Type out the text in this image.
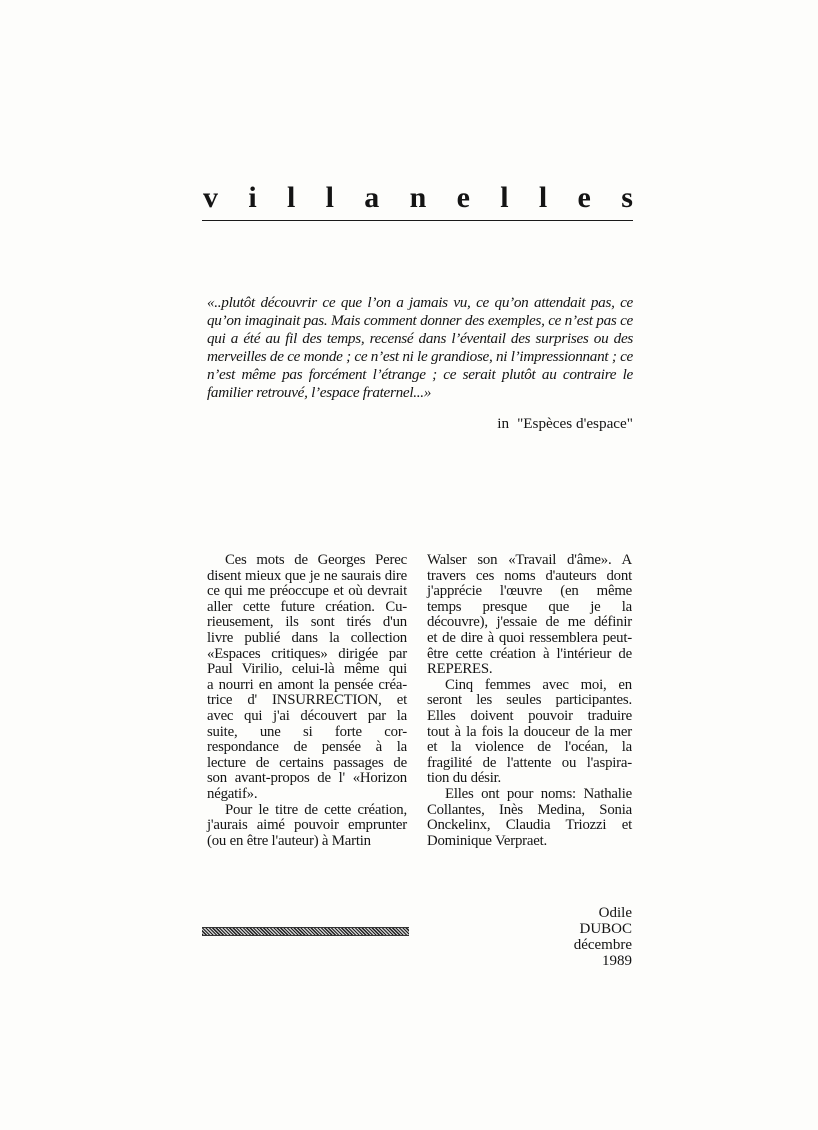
v i l l a n e l l e s

«..plutôt découvrir ce que l’on a jamais vu, ce qu’on attendait pas, ce qu’on imaginait pas. Mais comment donner des exemples, ce n’est pas ce qui a été au fil des temps, recensé dans l’éventail des surprises ou des merveilles de ce monde ; ce n’est ni le grandiose, ni l’impressionnant ; ce n’est même pas forcément l’étrange ; ce serait plutôt au contraire le familier retrouvé, l’espace fraternel...»

in "Espèces d'espace"

Ces mots de Georges Perec
disent mieux que je ne saurais dire
ce qui me préoccupe et où devrait
aller cette future création. Cu-
rieusement, ils sont tirés d'un
livre publié dans la collection
«Espaces critiques» dirigée par
Paul Virilio, celui-là même qui
a nourri en amont la pensée créa-
trice d' INSURRECTION, et
avec qui j'ai découvert par la
suite, une si forte cor-
respondance de pensée à la
lecture de certains passages de
son avant-propos de l' «Horizon
négatif».

Pour le titre de cette création,
j'aurais aimé pouvoir emprunter
(ou en être l'auteur) à Martin

Walser son «Travail d'âme». A
travers ces noms d'auteurs dont
j'apprécie l'œuvre (en même
temps presque que je la
découvre), j'essaie de me définir
et de dire à quoi ressemblera peut-
être cette création à l'intérieur de
REPERES.

Cinq femmes avec moi, en
seront les seules participantes.
Elles doivent pouvoir traduire
tout à la fois la douceur de la mer
et la violence de l'océan, la
fragilité de l'attente ou l'aspira-
tion du désir.

Elles ont pour noms: Nathalie
Collantes, Inès Medina, Sonia
Onckelinx, Claudia Triozzi et
Dominique Verpraet.

Odile
DUBOC
décembre
1989
